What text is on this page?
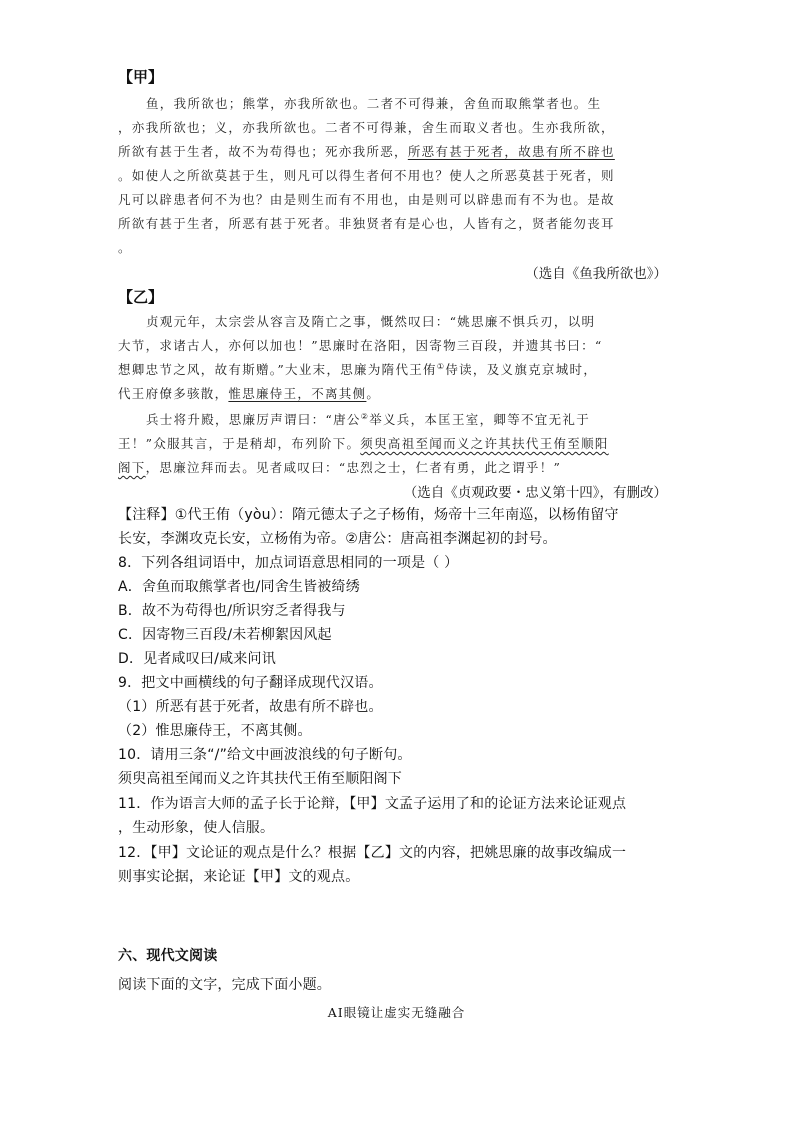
【甲】
鱼，我所欲也；熊掌，亦我所欲也。二者不可得兼，舍鱼而取熊掌者也。生
，亦我所欲也；义，亦我所欲也。二者不可得兼，舍生而取义者也。生亦我所欲，
所欲有甚于生者，故不为苟得也；死亦我所恶，所恶有甚于死者，故患有所不辟也
。如使人之所欲莫甚于生，则凡可以得生者何不用也？使人之所恶莫甚于死者，则
凡可以辟患者何不为也？由是则生而有不用也，由是则可以辟患而有不为也。是故
所欲有甚于生者，所恶有甚于死者。非独贤者有是心也，人皆有之，贤者能勿丧耳
。
（选自《鱼我所欲也》）
【乙】
贞观元年，太宗尝从容言及隋亡之事，慨然叹曰：“姚思廉不惧兵刃，以明
大节，求诸古人，亦何以加也！”思廉时在洛阳，因寄物三百段，并遗其书曰：“
想卿忠节之风，故有斯赠。”大业末，思廉为隋代王侑①侍读，及义旗克京城时，
代王府僚多骇散，惟思廉侍王，不离其侧。
兵士将升殿，思廉厉声谓曰：“唐公②举义兵，本匡王室，卿等不宜无礼于
王！”众服其言，于是稍却，布列阶下。须臾高祖至闻而义之许其扶代王侑至顺阳
阁下，思廉泣拜而去。见者咸叹曰：“忠烈之士，仁者有勇，此之谓乎！”
（选自《贞观政要・忠义第十四》，有删改）
【注释】①代王侑（yòu）：隋元德太子之子杨侑，炀帝十三年南巡，以杨侑留守
长安，李渊攻克长安，立杨侑为帝。②唐公：唐高祖李渊起初的封号。
8．下列各组词语中，加点词语意思相同的一项是（ ）
A．舍鱼而取熊掌者也/同舍生皆被绮绣
B．故不为苟得也/所识穷乏者得我与
C．因寄物三百段/未若柳絮因风起
D．见者咸叹曰/咸来问讯
9．把文中画横线的句子翻译成现代汉语。
（1）所恶有甚于死者，故患有所不辟也。
（2）惟思廉侍王，不离其侧。
10．请用三条“/”给文中画波浪线的句子断句。
须臾高祖至闻而义之许其扶代王侑至顺阳阁下
11．作为语言大师的孟子长于论辩，【甲】文孟子运用了和的论证方法来论证观点
，生动形象，使人信服。
12．【甲】文论证的观点是什么？根据【乙】文的内容，把姚思廉的故事改编成一
则事实论据，来论证【甲】文的观点。
六、现代文阅读
阅读下面的文字，完成下面小题。
AI眼镜让虚实无缝融合
